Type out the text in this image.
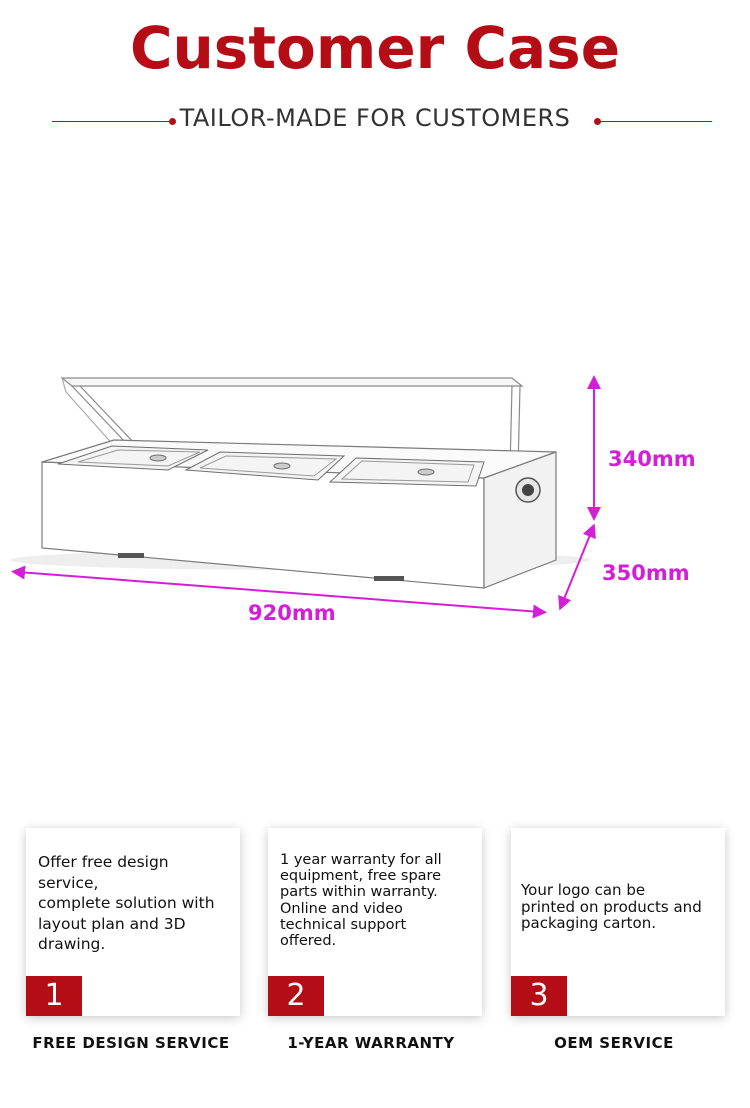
Customer Case
TAILOR-MADE FOR CUSTOMERS
340mm
350mm
920mm
Offer free design
service,
complete solution with
layout plan and 3D
drawing.
1
1 year warranty for all
equipment, free spare
parts within warranty.
Online and video
technical support
offered.
2
Your logo can be
printed on products and
packaging carton.
3
FREE DESIGN SERVICE	1-YEAR WARRANTY	OEM SERVICE
